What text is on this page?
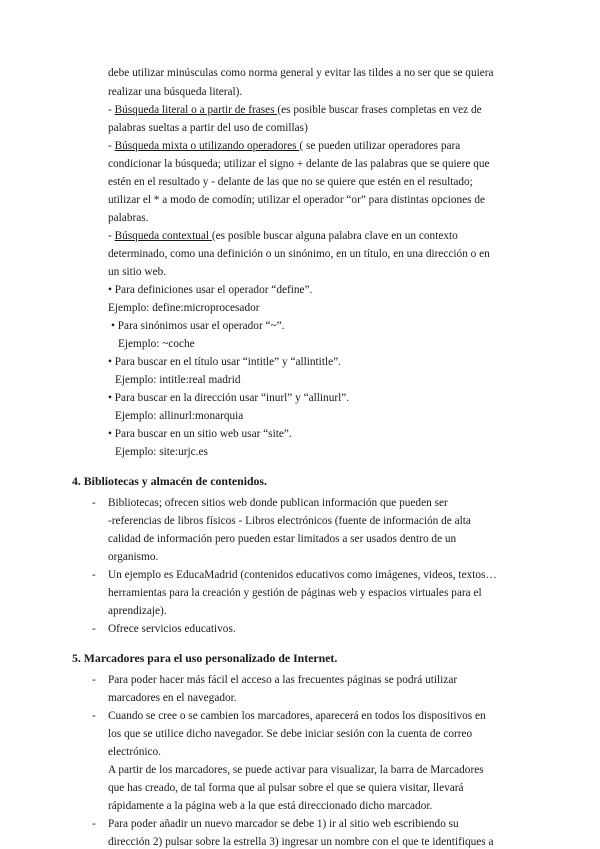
debe utilizar minúsculas como norma general y evitar las tildes a no ser que se quiera
realizar una búsqueda literal).
- Búsqueda literal o a partir de frases (es posible buscar frases completas en vez de
palabras sueltas a partir del uso de comillas)
- Búsqueda mixta o utilizando operadores ( se pueden utilizar operadores para
condicionar la búsqueda; utilizar el signo + delante de las palabras que se quiere que
estén en el resultado y - delante de las que no se quiere que estén en el resultado;
utilizar el * a modo de comodín; utilizar el operador “or” para distintas opciones de
palabras.
- Búsqueda contextual (es posible buscar alguna palabra clave en un contexto
determinado, como una definición o un sinónimo, en un título, en una dirección o en
un sitio web.
• Para definiciones usar el operador “define”.
Ejemplo: define:microprocesador
• Para sinónimos usar el operador “~”.
Ejemplo: ~coche
• Para buscar en el título usar “intitle” y “allintitle”.
Ejemplo: intitle:real madrid
• Para buscar en la dirección usar “inurl” y “allinurl”.
Ejemplo: allinurl:monarquia
• Para buscar en un sitio web usar “site”.
Ejemplo: site:urjc.es
4. Bibliotecas y almacén de contenidos.
- Bibliotecas; ofrecen sitios web donde publican información que pueden ser
-referencias de libros físicos - Libros electrónicos (fuente de información de alta
calidad de información pero pueden estar limitados a ser usados dentro de un
organismo.
- Un ejemplo es EducaMadrid (contenidos educativos como imágenes, videos, textos…
herramientas para la creación y gestión de páginas web y espacios virtuales para el
aprendizaje).
- Ofrece servicios educativos.
5. Marcadores para el uso personalizado de Internet.
- Para poder hacer más fácil el acceso a las frecuentes páginas se podrá utilizar
marcadores en el navegador.
- Cuando se cree o se cambien los marcadores, aparecerá en todos los dispositivos en
los que se utilice dicho navegador. Se debe iniciar sesión con la cuenta de correo
electrónico.
A partir de los marcadores, se puede activar para visualizar, la barra de Marcadores
que has creado, de tal forma que al pulsar sobre el que se quiera visitar, llevará
rápidamente a la página web a la que está direccionado dicho marcador.
- Para poder añadir un nuevo marcador se debe 1) ir al sitio web escribiendo su
dirección 2) pulsar sobre la estrella 3) ingresar un nombre con el que te identifiques a
